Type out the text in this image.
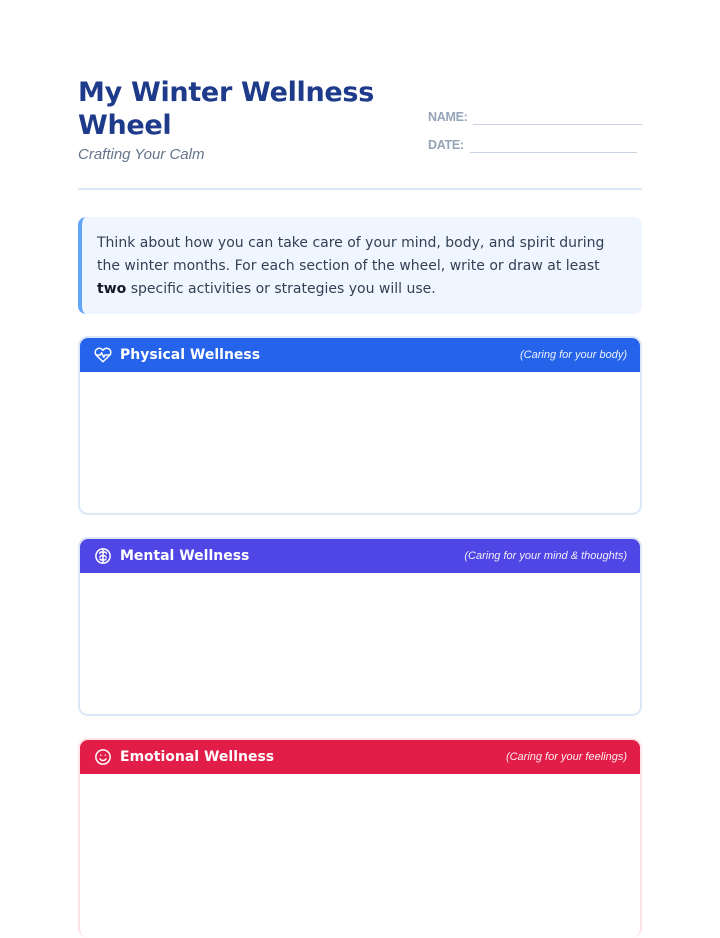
My Winter Wellness Wheel
Crafting Your Calm
NAME:
DATE:
Think about how you can take care of your mind, body, and spirit during the winter months. For each section of the wheel, write or draw at least two specific activities or strategies you will use.
Physical Wellness	(Caring for your body)
Mental Wellness	(Caring for your mind & thoughts)
Emotional Wellness	(Caring for your feelings)
